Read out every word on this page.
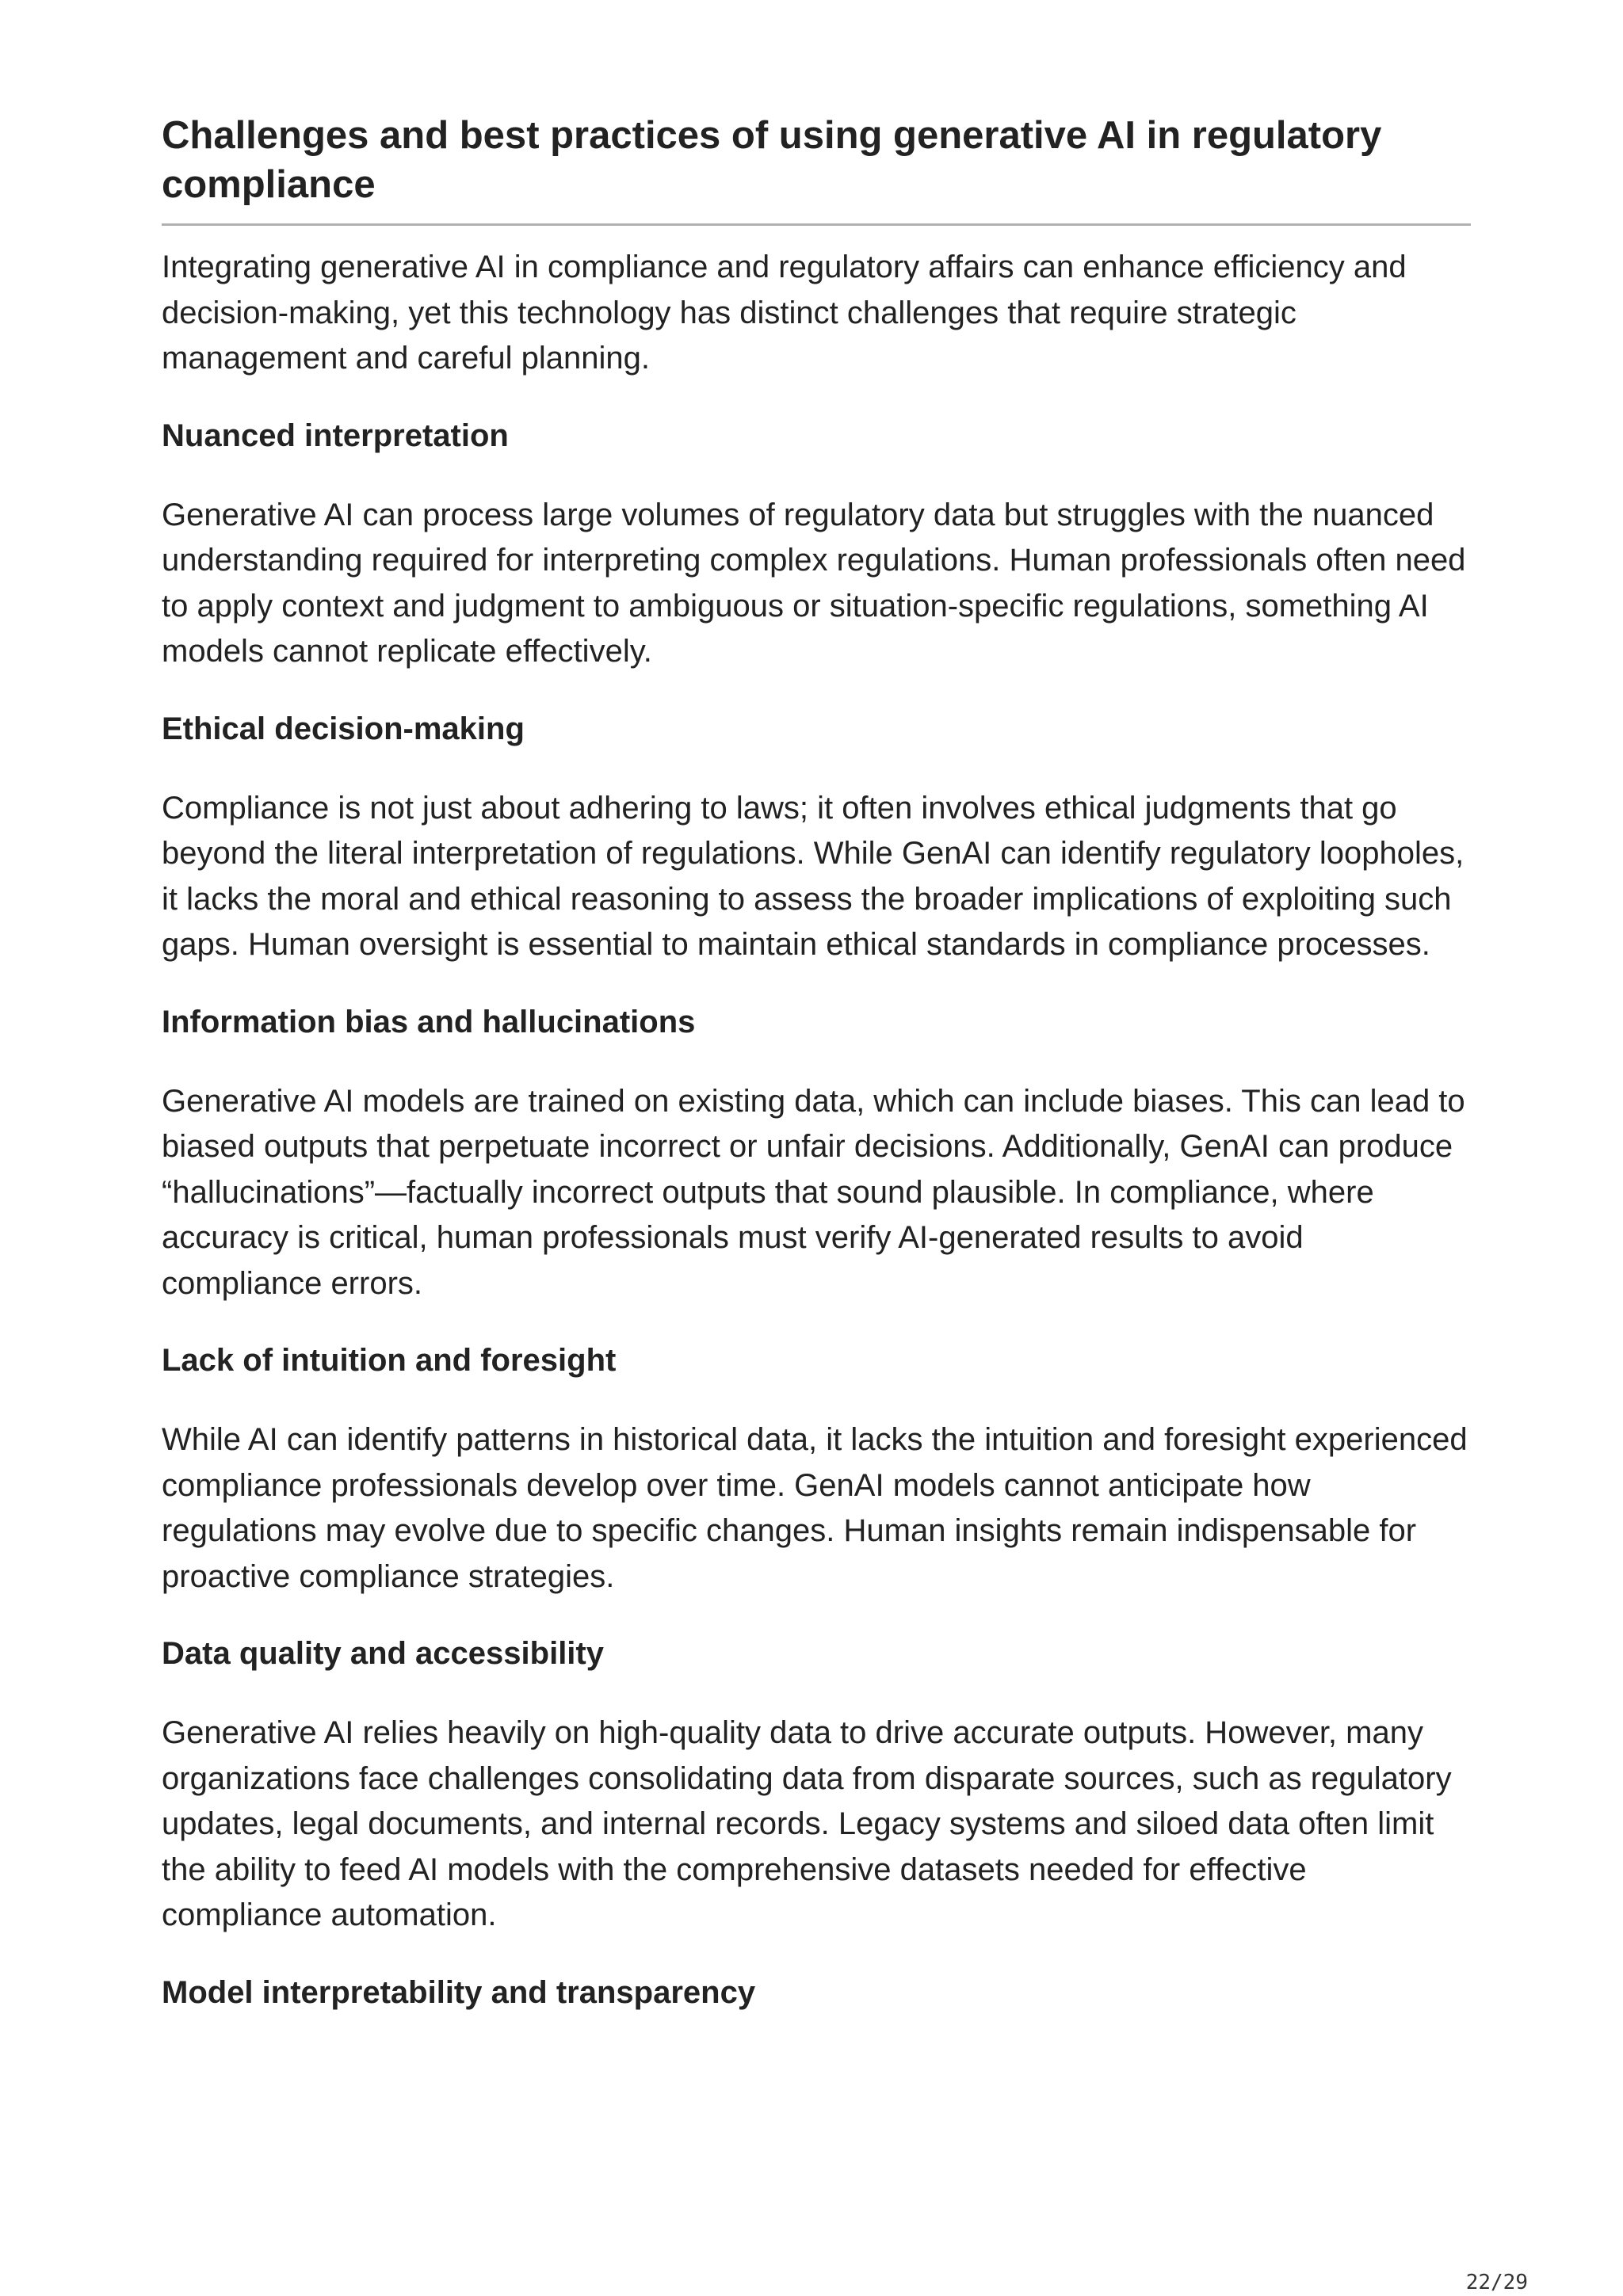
Challenges and best practices of using generative AI in regulatory compliance

Integrating generative AI in compliance and regulatory affairs can enhance efficiency and decision-making, yet this technology has distinct challenges that require strategic management and careful planning.

Nuanced interpretation

Generative AI can process large volumes of regulatory data but struggles with the nuanced understanding required for interpreting complex regulations. Human professionals often need to apply context and judgment to ambiguous or situation-specific regulations, something AI models cannot replicate effectively.

Ethical decision-making

Compliance is not just about adhering to laws; it often involves ethical judgments that go beyond the literal interpretation of regulations. While GenAI can identify regulatory loopholes, it lacks the moral and ethical reasoning to assess the broader implications of exploiting such gaps. Human oversight is essential to maintain ethical standards in compliance processes.

Information bias and hallucinations

Generative AI models are trained on existing data, which can include biases. This can lead to biased outputs that perpetuate incorrect or unfair decisions. Additionally, GenAI can produce “hallucinations”—factually incorrect outputs that sound plausible. In compliance, where accuracy is critical, human professionals must verify AI-generated results to avoid compliance errors.

Lack of intuition and foresight

While AI can identify patterns in historical data, it lacks the intuition and foresight experienced compliance professionals develop over time. GenAI models cannot anticipate how regulations may evolve due to specific changes. Human insights remain indispensable for proactive compliance strategies.

Data quality and accessibility

Generative AI relies heavily on high-quality data to drive accurate outputs. However, many organizations face challenges consolidating data from disparate sources, such as regulatory updates, legal documents, and internal records. Legacy systems and siloed data often limit the ability to feed AI models with the comprehensive datasets needed for effective compliance automation.

Model interpretability and transparency
22/29
